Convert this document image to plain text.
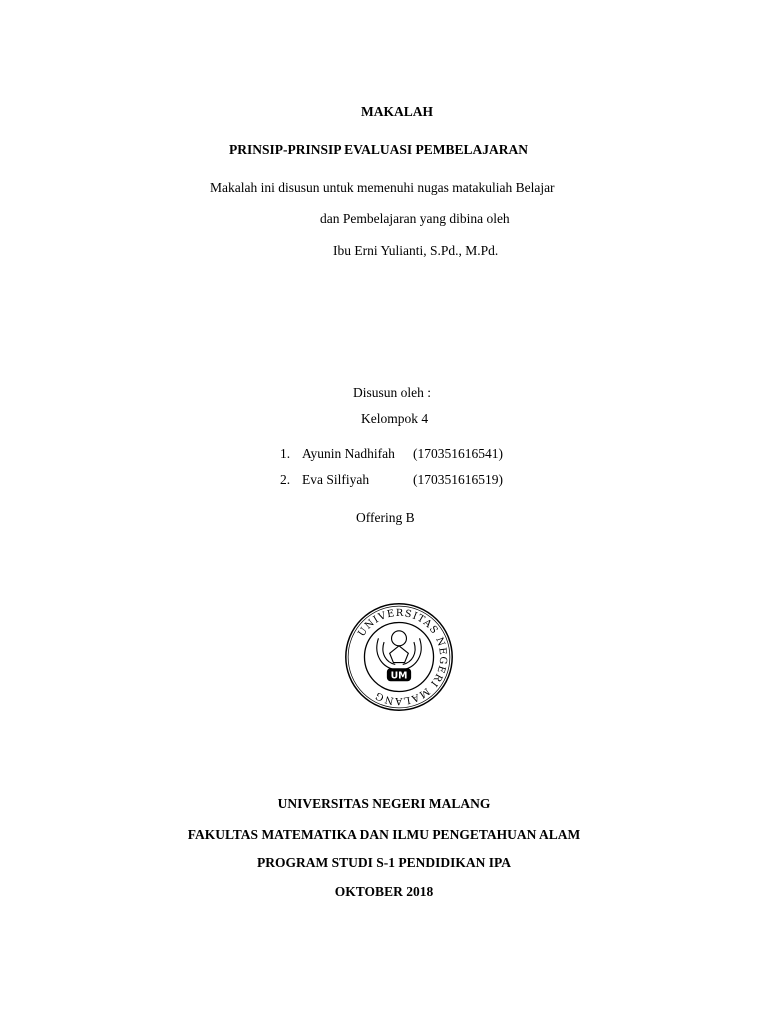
MAKALAH
PRINSIP-PRINSIP EVALUASI PEMBELAJARAN
Makalah ini disusun untuk memenuhi nugas matakuliah Belajar
dan Pembelajaran yang dibina oleh
Ibu Erni Yulianti, S.Pd., M.Pd.
Disusun oleh :
Kelompok 4
1. Ayunin Nadhifah (170351616541)
2. Eva Silfiyah	(170351616519)
Offering B
UNIVERSITAS NEGERI MALANG
UM
UNIVERSITAS NEGERI MALANG
FAKULTAS MATEMATIKA DAN ILMU PENGETAHUAN ALAM
PROGRAM STUDI S-1 PENDIDIKAN IPA
OKTOBER 2018
